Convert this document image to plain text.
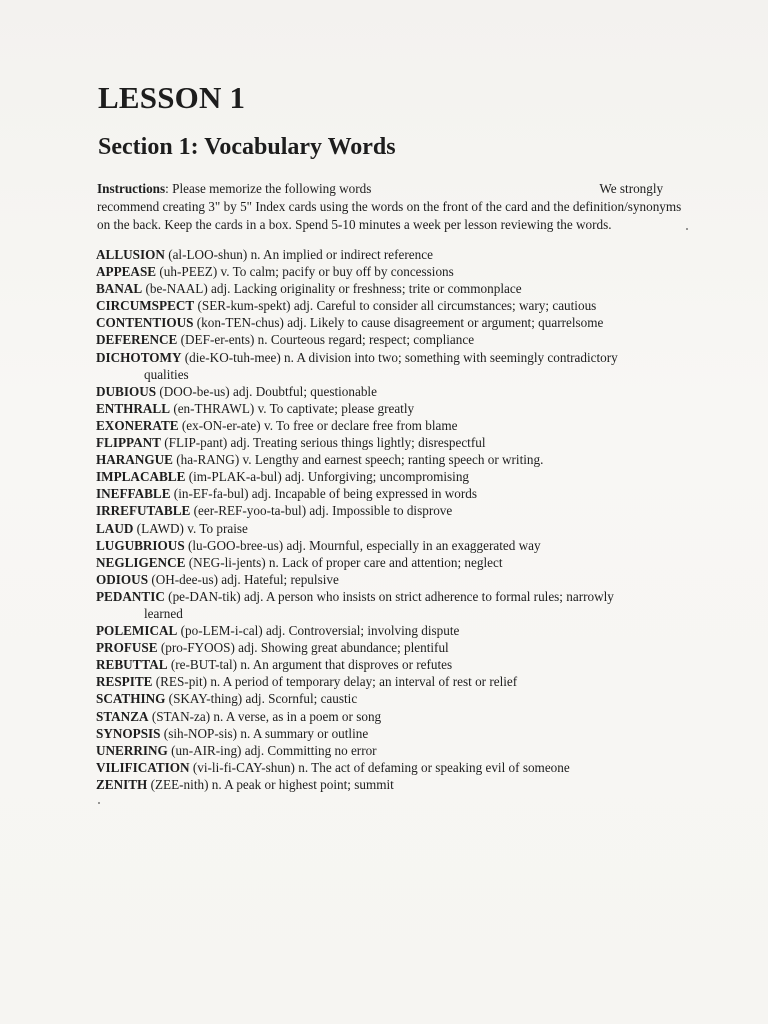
LESSON 1
Section 1: Vocabulary Words
Instructions: Please memorize the following words	We strongly
recommend creating 3" by 5" Index cards using the words on the front of the card and the definition/synonyms
on the back. Keep the cards in a box. Spend 5-10 minutes a week per lesson reviewing the words.
ALLUSION (al-LOO-shun) n. An implied or indirect reference
APPEASE (uh-PEEZ) v. To calm; pacify or buy off by concessions
BANAL (be-NAAL) adj. Lacking originality or freshness; trite or commonplace
CIRCUMSPECT (SER-kum-spekt) adj. Careful to consider all circumstances; wary; cautious
CONTENTIOUS (kon-TEN-chus) adj. Likely to cause disagreement or argument; quarrelsome
DEFERENCE (DEF-er-ents) n. Courteous regard; respect; compliance
DICHOTOMY (die-KO-tuh-mee) n. A division into two; something with seemingly contradictory
qualities
DUBIOUS (DOO-be-us) adj. Doubtful; questionable
ENTHRALL (en-THRAWL) v. To captivate; please greatly
EXONERATE (ex-ON-er-ate) v. To free or declare free from blame
FLIPPANT (FLIP-pant) adj. Treating serious things lightly; disrespectful
HARANGUE (ha-RANG) v. Lengthy and earnest speech; ranting speech or writing.
IMPLACABLE (im-PLAK-a-bul) adj. Unforgiving; uncompromising
INEFFABLE (in-EF-fa-bul) adj. Incapable of being expressed in words
IRREFUTABLE (eer-REF-yoo-ta-bul) adj. Impossible to disprove
LAUD (LAWD) v. To praise
LUGUBRIOUS (lu-GOO-bree-us) adj. Mournful, especially in an exaggerated way
NEGLIGENCE (NEG-li-jents) n. Lack of proper care and attention; neglect
ODIOUS (OH-dee-us) adj. Hateful; repulsive
PEDANTIC (pe-DAN-tik) adj. A person who insists on strict adherence to formal rules; narrowly
learned
POLEMICAL (po-LEM-i-cal) adj. Controversial; involving dispute
PROFUSE (pro-FYOOS) adj. Showing great abundance; plentiful
REBUTTAL (re-BUT-tal) n. An argument that disproves or refutes
RESPITE (RES-pit) n. A period of temporary delay; an interval of rest or relief
SCATHING (SKAY-thing) adj. Scornful; caustic
STANZA (STAN-za) n. A verse, as in a poem or song
SYNOPSIS (sih-NOP-sis) n. A summary or outline
UNERRING (un-AIR-ing) adj. Committing no error
VILIFICATION (vi-li-fi-CAY-shun) n. The act of defaming or speaking evil of someone
ZENITH (ZEE-nith) n. A peak or highest point; summit
